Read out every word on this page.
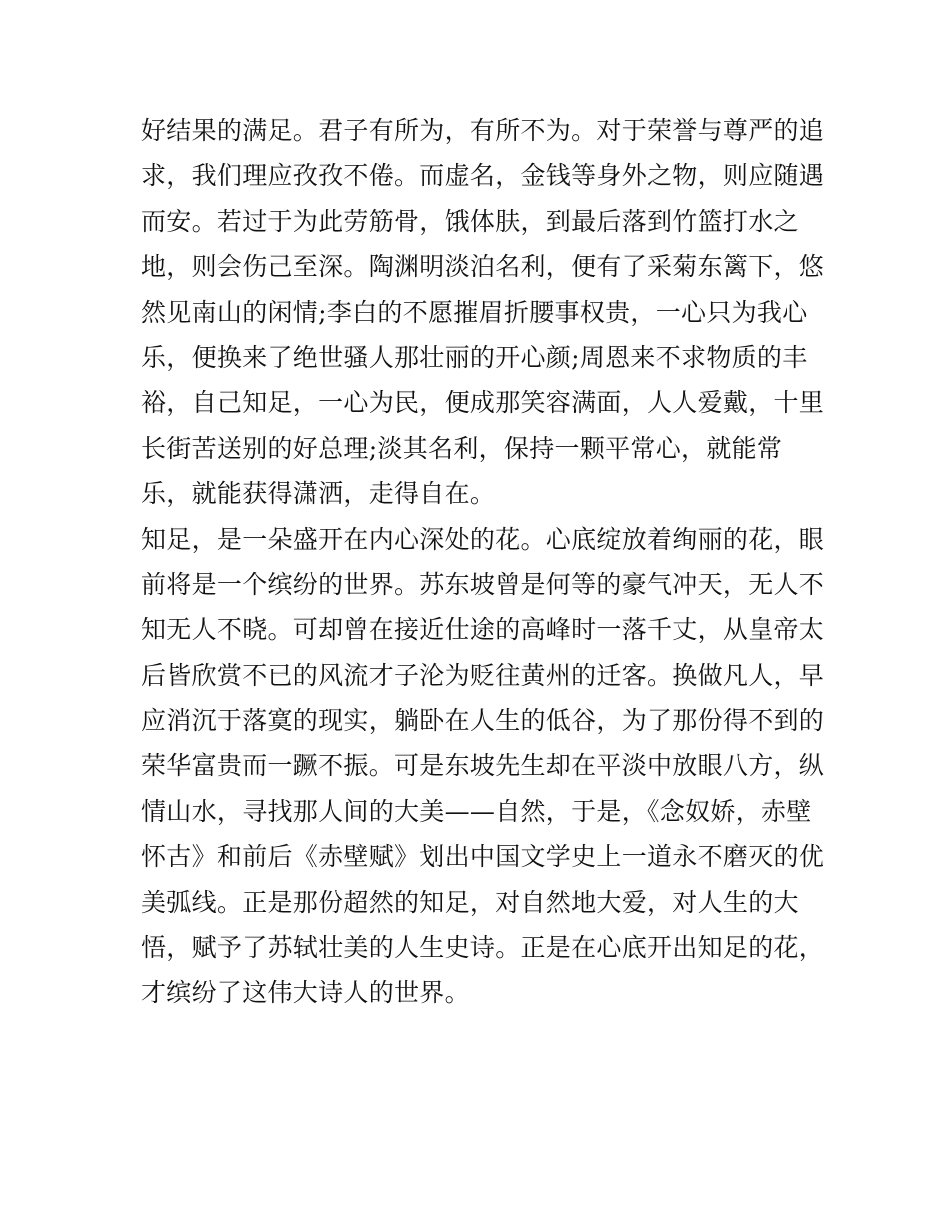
好结果的满足。君子有所为，有所不为。对于荣誉与尊严的追
求，我们理应孜孜不倦。而虚名，金钱等身外之物，则应随遇
而安。若过于为此劳筋骨，饿体肤，到最后落到竹篮打水之
地，则会伤己至深。陶渊明淡泊名利，便有了采菊东篱下，悠
然见南山的闲情;李白的不愿摧眉折腰事权贵，一心只为我心
乐，便换来了绝世骚人那壮丽的开心颜;周恩来不求物质的丰
裕，自己知足，一心为民，便成那笑容满面，人人爱戴，十里
长街苦送别的好总理;淡其名利，保持一颗平常心，就能常
乐，就能获得潇洒，走得自在。
知足，是一朵盛开在内心深处的花。心底绽放着绚丽的花，眼
前将是一个缤纷的世界。苏东坡曾是何等的豪气冲天，无人不
知无人不晓。可却曾在接近仕途的高峰时一落千丈，从皇帝太
后皆欣赏不已的风流才子沦为贬往黄州的迁客。换做凡人，早
应消沉于落寞的现实，躺卧在人生的低谷，为了那份得不到的
荣华富贵而一蹶不振。可是东坡先生却在平淡中放眼八方，纵
情山水，寻找那人间的大美——自然，于是，《念奴娇，赤壁
怀古》和前后《赤壁赋》划出中国文学史上一道永不磨灭的优
美弧线。正是那份超然的知足，对自然地大爱，对人生的大
悟，赋予了苏轼壮美的人生史诗。正是在心底开出知足的花，
才缤纷了这伟大诗人的世界。
